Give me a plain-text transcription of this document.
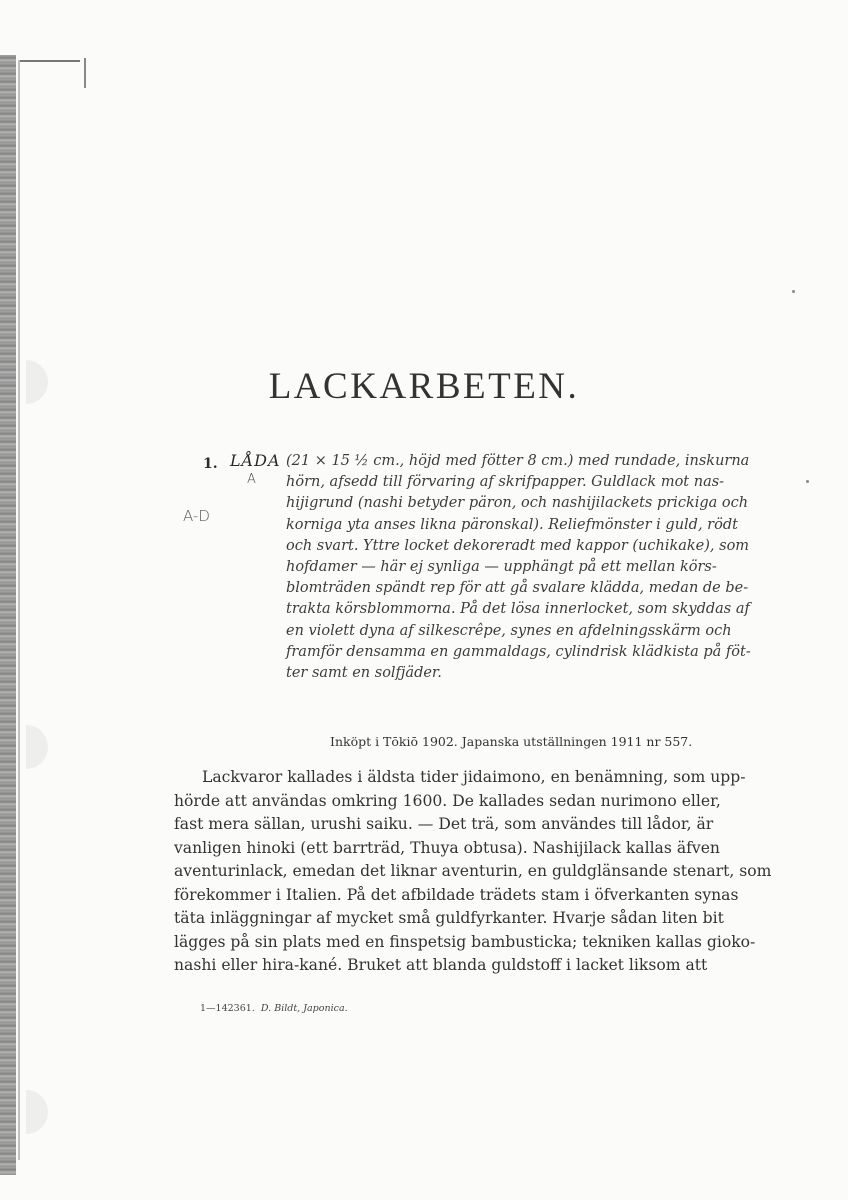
LACKARBETEN.
1. LÅDA
A
A-D
(21 × 15 ½ cm., höjd med fötter 8 cm.) med rundade, inskurna
hörn, afsedd till förvaring af skrifpapper. Guldlack mot nas-
hijigrund (nashi betyder päron, och nashijilackets prickiga och
korniga yta anses likna päronskal). Reliefmönster i guld, rödt
och svart. Yttre locket dekoreradt med kappor (uchikake), som
hofdamer — här ej synliga — upphängt på ett mellan körs-
blomträden spändt rep för att gå svalare klädda, medan de be-
trakta körsblommorna. På det lösa innerlocket, som skyddas af
en violett dyna af silkescrêpe, synes en afdelningsskärm och
framför densamma en gammaldags, cylindrisk klädkista på föt-
ter samt en solfjäder.
Inköpt i Tōkiō 1902. Japanska utställningen 1911 nr 557.
Lackvaror kallades i äldsta tider jidaimono, en benämning, som upp-
hörde att användas omkring 1600. De kallades sedan nurimono eller,
fast mera sällan, urushi saiku. — Det trä, som användes till lådor, är
vanligen hinoki (ett barrträd, Thuya obtusa). Nashijilack kallas äfven
aventurinlack, emedan det liknar aventurin, en guldglänsande stenart, som
förekommer i Italien. På det afbildade trädets stam i öfverkanten synas
täta inläggningar af mycket små guldfyrkanter. Hvarje sådan liten bit
lägges på sin plats med en finspetsig bambusticka; tekniken kallas gioko-
nashi eller hira-kané. Bruket att blanda guldstoff i lacket liksom att
1—142361. D. Bildt, Japonica.
